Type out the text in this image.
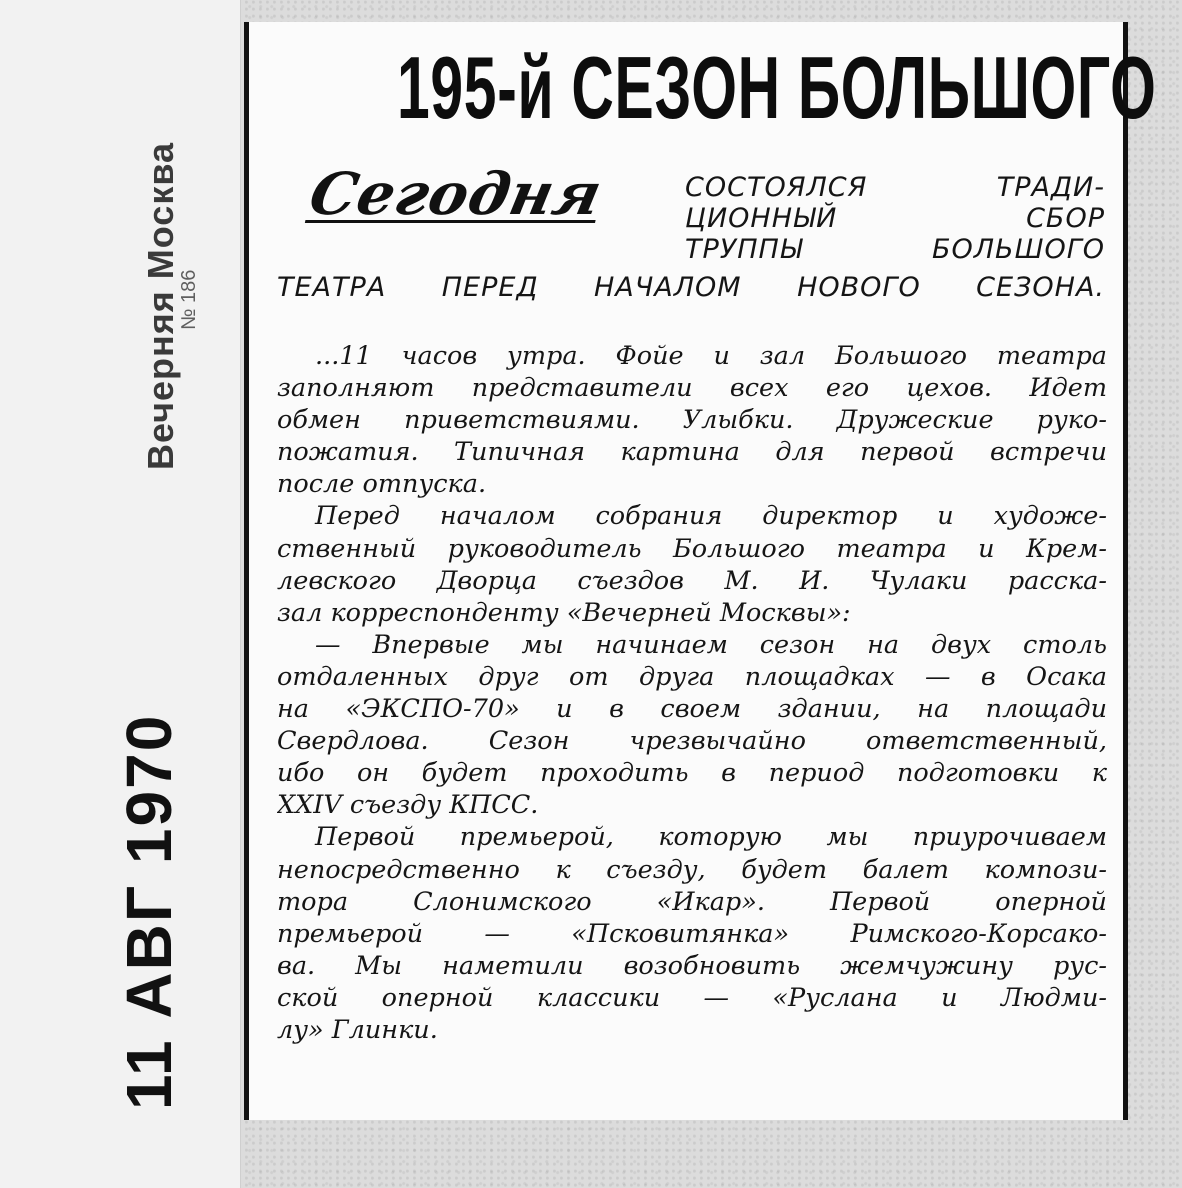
Вечерняя Москва
№ 186
11 АВГ 1970
195-й СЕЗОН БОЛЬШОГО
Сегодня	СОСТОЯЛСЯ ТРАДИ-
ЦИОННЫЙ СБОР
ТРУППЫ БОЛЬШОГО
ТЕАТРА ПЕРЕД НАЧАЛОМ НОВОГО СЕЗОНА.
...11 часов утра. Фойе и зал Большого театра
заполняют представители всех его цехов. Идет
обмен приветствиями. Улыбки. Дружеские руко-
пожатия. Типичная картина для первой встречи
после отпуска.
Перед началом собрания директор и художе-
ственный руководитель Большого театра и Крем-
левского Дворца съездов М. И. Чулаки расска-
зал корреспонденту «Вечерней Москвы»:
— Впервые мы начинаем сезон на двух столь
отдаленных друг от друга площадках — в Осака
на «ЭКСПО-70» и в своем здании, на площади
Свердлова. Сезон чрезвычайно ответственный,
ибо он будет проходить в период подготовки к
XXIV съезду КПСС.
Первой премьерой, которую мы приурочиваем
непосредственно к съезду, будет балет компози-
тора Слонимского «Икар». Первой оперной
премьерой — «Псковитянка» Римского-Корсако-
ва. Мы наметили возобновить жемчужину рус-
ской оперной классики — «Руслана и Людми-
лу» Глинки.
